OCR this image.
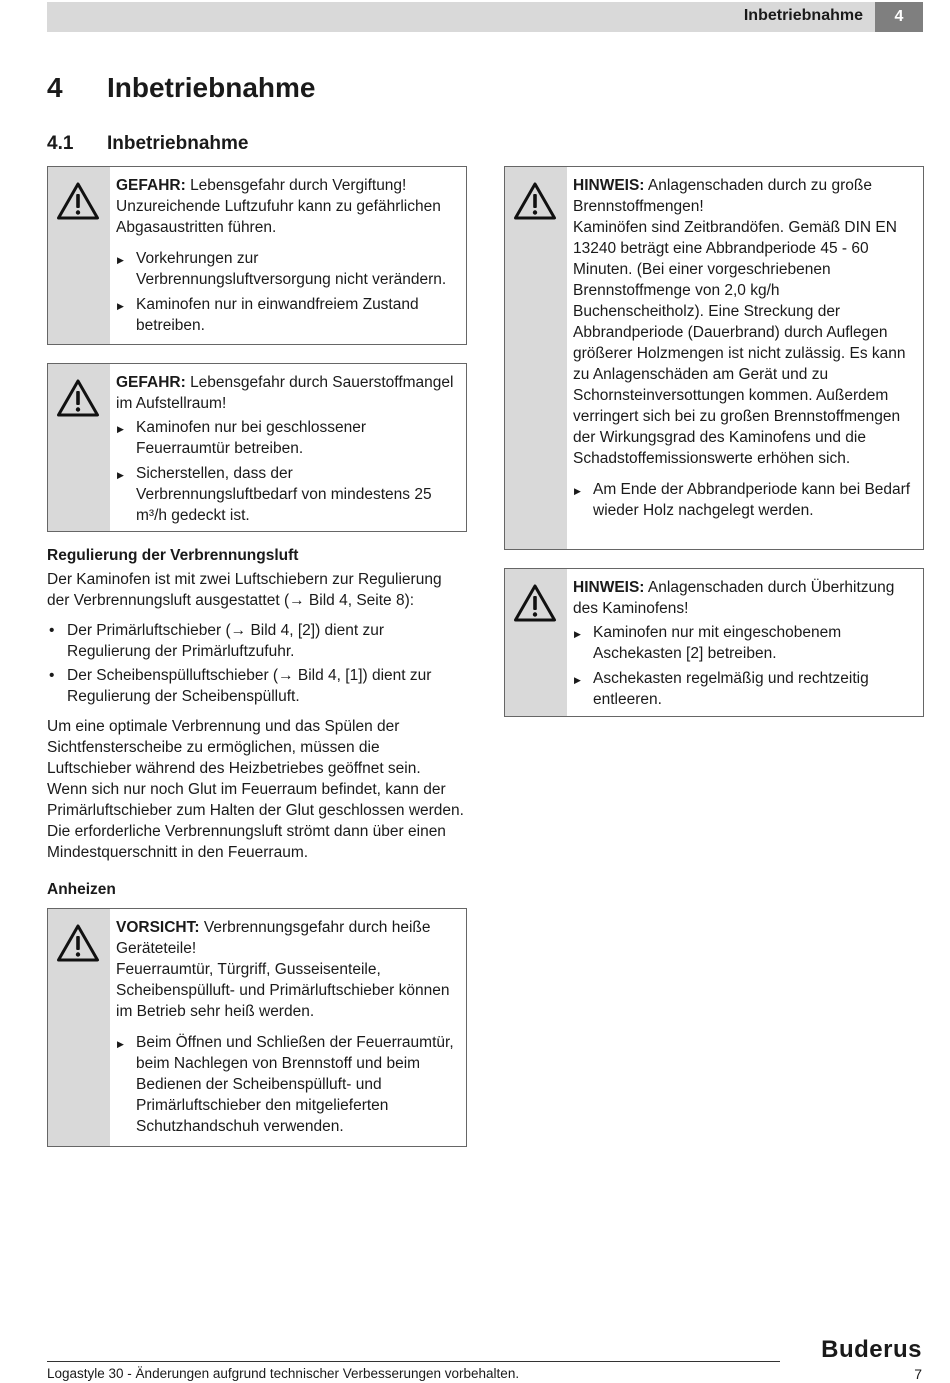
Inbetriebnahme	4
4 Inbetriebnahme
4.1 Inbetriebnahme

GEFAHR: Lebensgefahr durch Vergiftung!
Unzureichende Luftzufuhr kann zu gefährlichen Abgasaustritten führen.

▶ Vorkehrungen zur Verbrennungsluftversorgung nicht verändern.
▶ Kaminofen nur in einwandfreiem Zustand betreiben.

GEFAHR: Lebensgefahr durch Sauerstoffmangel im Aufstellraum!

▶ Kaminofen nur bei geschlossener Feuerraumtür betreiben.
▶ Sicherstellen, dass der Verbrennungsluftbedarf von mindestens 25 m³/h gedeckt ist.
Regulierung der Verbrennungsluft

Der Kaminofen ist mit zwei Luftschiebern zur Regulierung der Verbrennungsluft ausgestattet (→ Bild 4, Seite 8):

• Der Primärluftschieber (→ Bild 4, [2]) dient zur Regulierung der Primärluftzufuhr.
• Der Scheibenspülluftschieber (→ Bild 4, [1]) dient zur Regulierung der Scheibenspülluft.

Um eine optimale Verbrennung und das Spülen der Sichtfensterscheibe zu ermöglichen, müssen die Luftschieber während des Heizbetriebes geöffnet sein.

Wenn sich nur noch Glut im Feuerraum befindet, kann der Primärluftschieber zum Halten der Glut geschlossen werden. Die erforderliche Verbrennungsluft strömt dann über einen Mindestquerschnitt in den Feuerraum.

Anheizen

VORSICHT: Verbrennungsgefahr durch heiße Geräteteile!
Feuerraumtür, Türgriff, Gusseisenteile, Scheibenspülluft- und Primärluftschieber können im Betrieb sehr heiß werden.

▶ Beim Öffnen und Schließen der Feuerraumtür, beim Nachlegen von Brennstoff und beim Bedienen der Scheibenspülluft- und Primärluftschieber den mitgelieferten Schutzhandschuh verwenden.

HINWEIS: Anlagenschaden durch zu große Brennstoffmengen!
Kaminöfen sind Zeitbrandöfen. Gemäß DIN EN 13240 beträgt eine Abbrandperiode 45 - 60 Minuten. (Bei einer vorgeschriebenen Brennstoffmenge von 2,0 kg/h Buchenscheitholz). Eine Streckung der Abbrandperiode (Dauerbrand) durch Auflegen größerer Holzmengen ist nicht zulässig. Es kann zu Anlagenschäden am Gerät und zu Schornsteinversottungen kommen. Außerdem verringert sich bei zu großen Brennstoffmengen der Wirkungsgrad des Kaminofens und die Schadstoffemissionswerte erhöhen sich.

▶ Am Ende der Abbrandperiode kann bei Bedarf wieder Holz nachgelegt werden.

HINWEIS: Anlagenschaden durch Überhitzung des Kaminofens!

▶ Kaminofen nur mit eingeschobenem Aschekasten [2] betreiben.
▶ Aschekasten regelmäßig und rechtzeitig entleeren.
Buderus
Logastyle 30 - Änderungen aufgrund technischer Verbesserungen vorbehalten.	7
